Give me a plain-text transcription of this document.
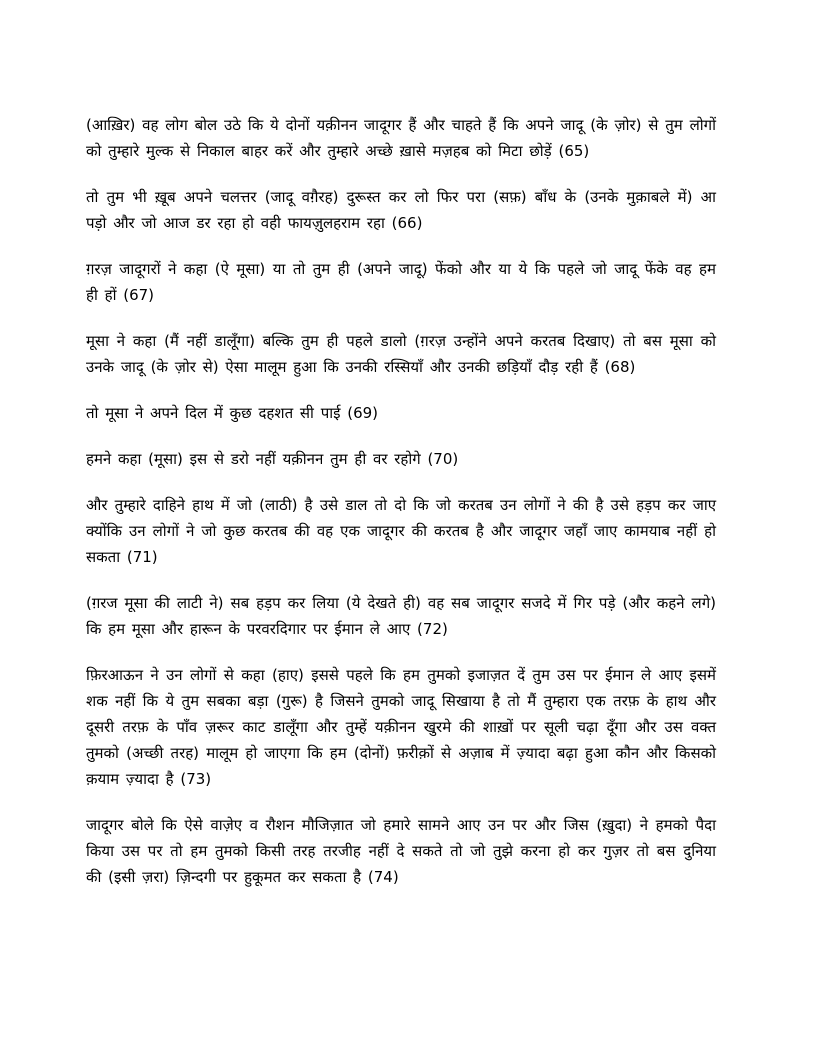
(आख़िर) वह लोग बोल उठे कि ये दोनों यक़ीनन जादूगर हैं और चाहते हैं कि अपने जादू (के ज़ोर) से तुम लोगों को तुम्हारे मुल्क से निकाल बाहर करें और तुम्हारे अच्छे ख़ासे मज़हब को मिटा छोड़ें (65)

तो तुम भी ख़ूब अपने चलत्तर (जादू वग़ैरह) दुरूस्त कर लो फिर परा (सफ़) बाँध के (उनके मुक़ाबले में) आ पड़ो और जो आज डर रहा हो वही फायज़ुलहराम रहा (66)

ग़रज़ जादूगरों ने कहा (ऐ मूसा) या तो तुम ही (अपने जादू) फेंको और या ये कि पहले जो जादू फेंके वह हम ही हों (67)

मूसा ने कहा (मैं नहीं डालूँगा) बल्कि तुम ही पहले डालो (ग़रज़ उन्होंने अपने करतब दिखाए) तो बस मूसा को उनके जादू (के ज़ोर से) ऐसा मालूम हुआ कि उनकी रस्सियाँ और उनकी छड़ियाँ दौड़ रही हैं (68)

तो मूसा ने अपने दिल में कुछ दहशत सी पाई (69)

हमने कहा (मूसा) इस से डरो नहीं यक़ीनन तुम ही वर रहोगे (70)

और तुम्हारे दाहिने हाथ में जो (लाठी) है उसे डाल तो दो कि जो करतब उन लोगों ने की है उसे हड़प कर जाए क्योंकि उन लोगों ने जो कुछ करतब की वह एक जादूगर की करतब है और जादूगर जहाँ जाए कामयाब नहीं हो सकता (71)

(ग़रज मूसा की लाटी ने) सब हड़प कर लिया (ये देखते ही) वह सब जादूगर सजदे में गिर पड़े (और कहने लगे) कि हम मूसा और हारून के परवरदिगार पर ईमान ले आए (72)

फ़िरआऊन ने उन लोगों से कहा (हाए) इससे पहले कि हम तुमको इजाज़त दें तुम उस पर ईमान ले आए इसमें शक नहीं कि ये तुम सबका बड़ा (गुरू) है जिसने तुमको जादू सिखाया है तो मैं तुम्हारा एक तरफ़ के हाथ और दूसरी तरफ़ के पाँव ज़रूर काट डालूँगा और तुम्हें यक़ीनन खुरमे की शाख़ों पर सूली चढ़ा दूँगा और उस वक्त तुमको (अच्छी तरह) मालूम हो जाएगा कि हम (दोनों) फ़रीक़ों से अज़ाब में ज़्यादा बढ़ा हुआ कौन और किसको क़याम ज़्यादा है (73)

जादूगर बोले कि ऐसे वाज़ेए व रौशन मौजिज़ात जो हमारे सामने आए उन पर और जिस (ख़ुदा) ने हमको पैदा किया उस पर तो हम तुमको किसी तरह तरजीह नहीं दे सकते तो जो तुझे करना हो कर गुज़र तो बस दुनिया की (इसी ज़रा) ज़िन्दगी पर हुकूमत कर सकता है (74)
